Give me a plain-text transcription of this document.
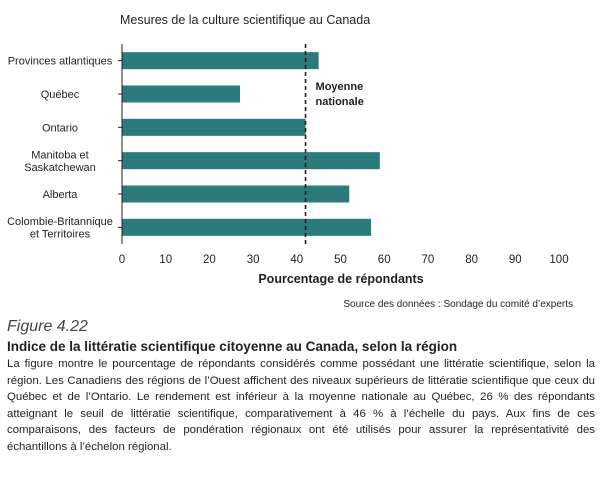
Mesures de la culture scientifique au Canada
Moyenne
nationale
0	10	20	30	40	50	60	70	80	90 100
Provinces atlantiques
Québec
Ontario
Manitoba et Saskatchewan
Alberta
Colombie-Britannique et Territoires
Pourcentage de répondants
Source des données : Sondage du comité d’experts
Figure 4.22
Indice de la littératie scientifique citoyenne au Canada, selon la région

La figure montre le pourcentage de répondants considérés comme possédant une littératie scientifique, selon la région. Les Canadiens des régions de l’Ouest affichent des niveaux supérieurs de littératie scientifique que ceux du Québec et de l’Ontario. Le rendement est inférieur à la moyenne nationale au Québec, 26 % des répondants atteignant le seuil de littératie scientifique, comparativement à 46 % à l’échelle du pays. Aux fins de ces comparaisons, des facteurs de pondération régionaux ont été utilisés pour assurer la représentativité des échantillons à l’échelon régional.
